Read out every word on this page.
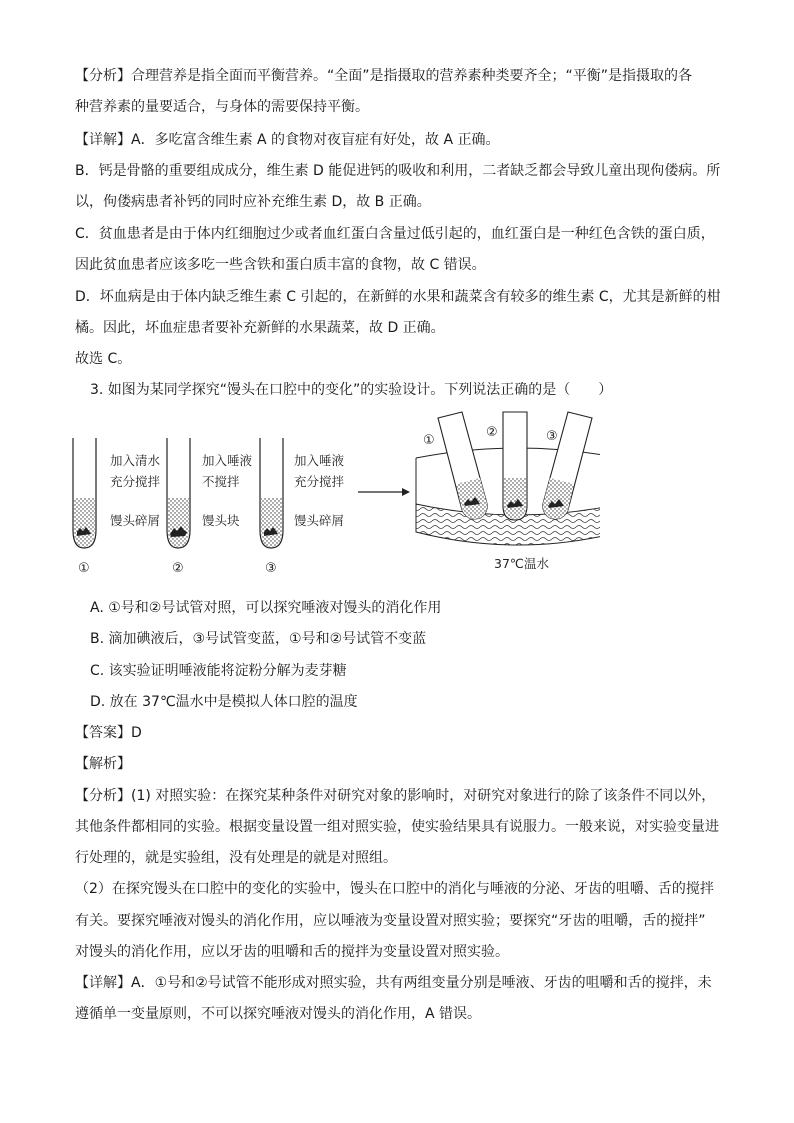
【分析】合理营养是指全面而平衡营养。“全面”是指摄取的营养素种类要齐全；“平衡”是指摄取的各
种营养素的量要适合，与身体的需要保持平衡。
【详解】A．多吃富含维生素 A 的食物对夜盲症有好处，故 A 正确。
B．钙是骨骼的重要组成成分，维生素 D 能促进钙的吸收和利用，二者缺乏都会导致儿童出现佝偻病。所
以，佝偻病患者补钙的同时应补充维生素 D，故 B 正确。
C．贫血患者是由于体内红细胞过少或者血红蛋白含量过低引起的，血红蛋白是一种红色含铁的蛋白质，
因此贫血患者应该多吃一些含铁和蛋白质丰富的食物，故 C 错误。
D．坏血病是由于体内缺乏维生素 C 引起的，在新鲜的水果和蔬菜含有较多的维生素 C，尤其是新鲜的柑
橘。因此，坏血症患者要补充新鲜的水果蔬菜，故 D 正确。
故选 C。
3. 如图为某同学探究“馒头在口腔中的变化”的实验设计。下列说法正确的是（　　）
加入清水
充分搅拌
馒头碎屑
①
加入唾液
不搅拌
馒头块
②
加入唾液
充分搅拌
馒头碎屑
③
①
②	③
37℃温水
A. ①号和②号试管对照，可以探究唾液对馒头的消化作用
B. 滴加碘液后，③号试管变蓝，①号和②号试管不变蓝
C. 该实验证明唾液能将淀粉分解为麦芽糖
D. 放在 37℃温水中是模拟人体口腔的温度
【答案】D
【解析】
【分析】(1) 对照实验：在探究某种条件对研究对象的影响时，对研究对象进行的除了该条件不同以外，
其他条件都相同的实验。根据变量设置一组对照实验，使实验结果具有说服力。一般来说，对实验变量进
行处理的，就是实验组，没有处理是的就是对照组。
（2）在探究馒头在口腔中的变化的实验中，馒头在口腔中的消化与唾液的分泌、牙齿的咀嚼、舌的搅拌
有关。要探究唾液对馒头的消化作用，应以唾液为变量设置对照实验；要探究“牙齿的咀嚼，舌的搅拌”
对馒头的消化作用，应以牙齿的咀嚼和舌的搅拌为变量设置对照实验。
【详解】A．①号和②号试管不能形成对照实验，共有两组变量分别是唾液、牙齿的咀嚼和舌的搅拌，未
遵循单一变量原则，不可以探究唾液对馒头的消化作用，A 错误。
